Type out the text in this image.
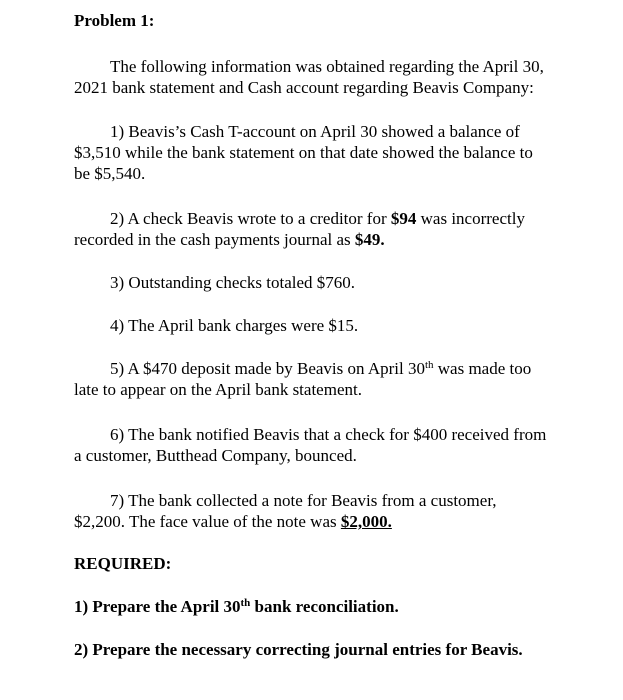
Problem 1:

The following information was obtained regarding the April 30, 2021 bank statement and Cash account regarding Beavis Company:

1) Beavis’s Cash T-account on April 30 showed a balance of $3,510 while the bank statement on that date showed the balance to be $5,540.

2) A check Beavis wrote to a creditor for $94 was incorrectly recorded in the cash payments journal as $49.

3) Outstanding checks totaled $760.

4) The April bank charges were $15.

5) A $470 deposit made by Beavis on April 30th was made too late to appear on the April bank statement.

6) The bank notified Beavis that a check for $400 received from a customer, Butthead Company, bounced.

7) The bank collected a note for Beavis from a customer, $2,200. The face value of the note was $2,000.

REQUIRED:

1) Prepare the April 30th bank reconciliation.

2) Prepare the necessary correcting journal entries for Beavis.
